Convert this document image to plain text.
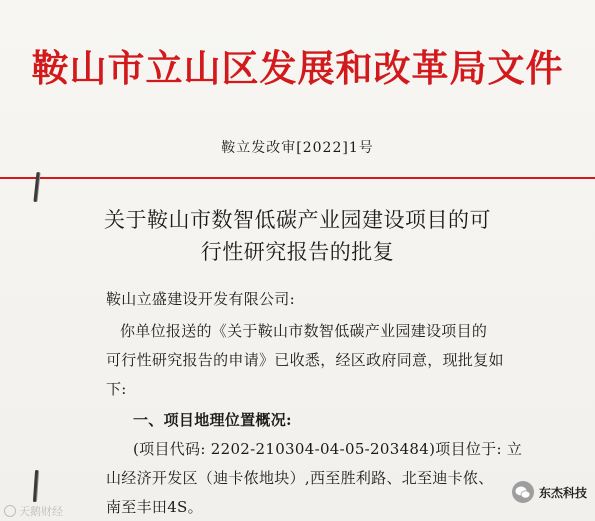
鞍山市立山区发展和改革局文件
鞍立发改审[2022]1号
关于鞍山市数智低碳产业园建设项目的可
行性研究报告的批复
鞍山立盛建设开发有限公司:
你单位报送的《关于鞍山市数智低碳产业园建设项目的
可行性研究报告的申请》已收悉，经区政府同意，现批复如
下:
一、项目地理位置概况:
(项目代码: 2202-210304-04-05-203484)项目位于: 立
山经济开发区（迪卡侬地块）,西至胜利路、北至迪卡侬、
南至丰田4S。
天鹅财经
东杰科技
